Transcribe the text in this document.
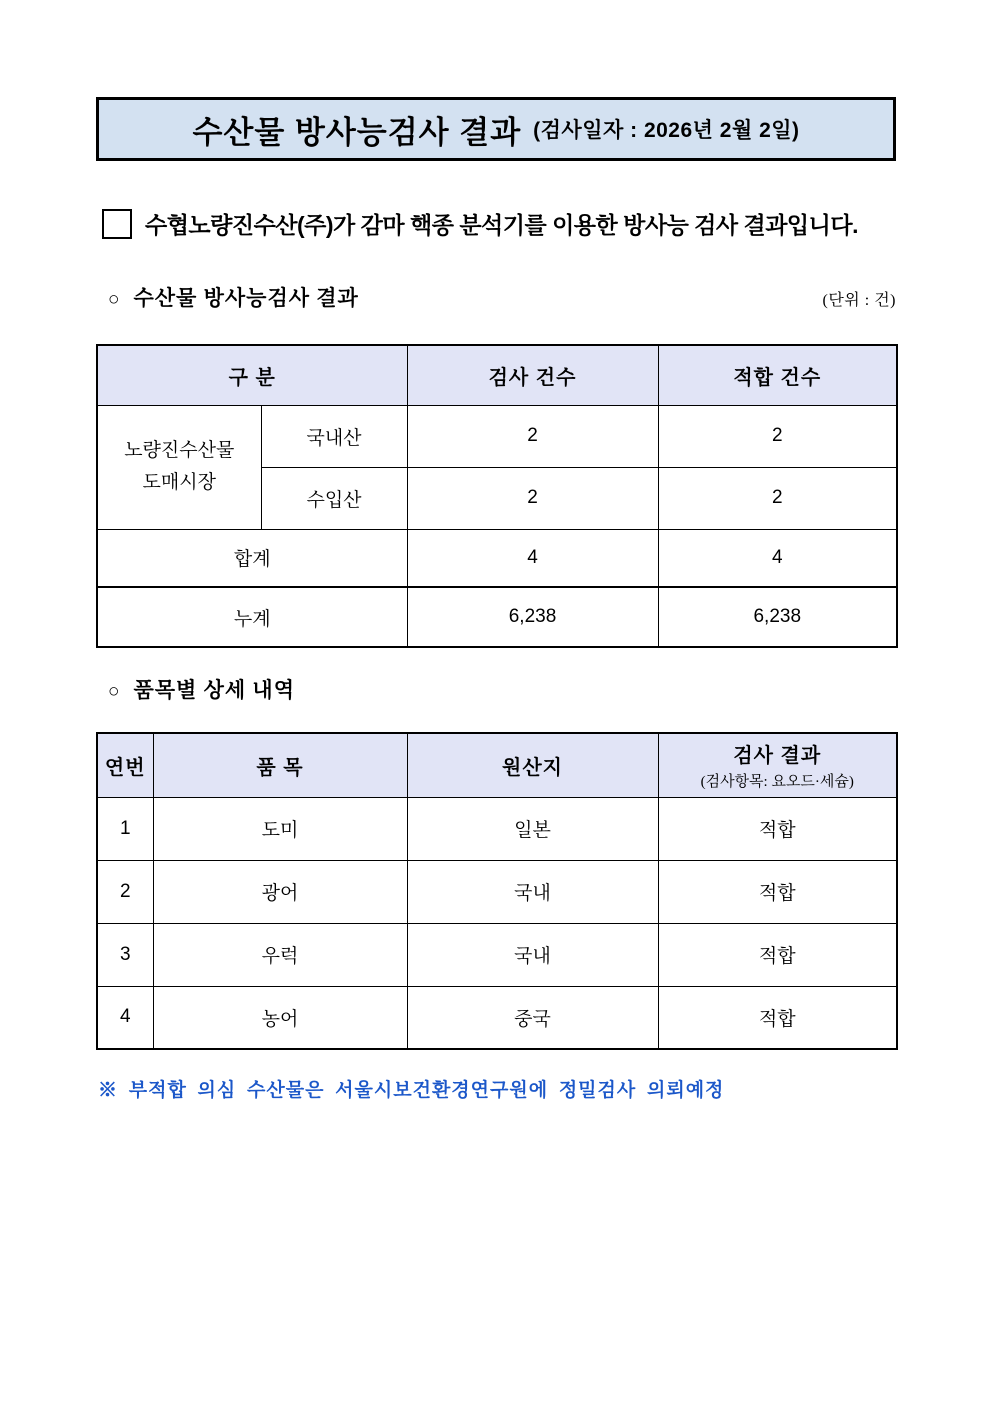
수산물 방사능검사 결과 (검사일자 : 2026년 2월 2일)
수협노량진수산(주)가 감마 핵종 분석기를 이용한 방사능 검사 결과입니다.
○ 수산물 방사능검사 결과	(단위 : 건)
구 분		검사 건수	적합 건수

노량진수산물
도매시장	국내산	2	2
	수입산	2	2
합계		4	4
누계		6,238	6,238
○ 품목별 상세 내역
연번	품 목	원산지	검사 결과
(검사항목: 요오드·세슘)

1	도미	일본	적합
2	광어	국내	적합
3	우럭	국내	적합
4	농어	중국	적합
※ 부적합 의심 수산물은 서울시보건환경연구원에 정밀검사 의뢰예정
